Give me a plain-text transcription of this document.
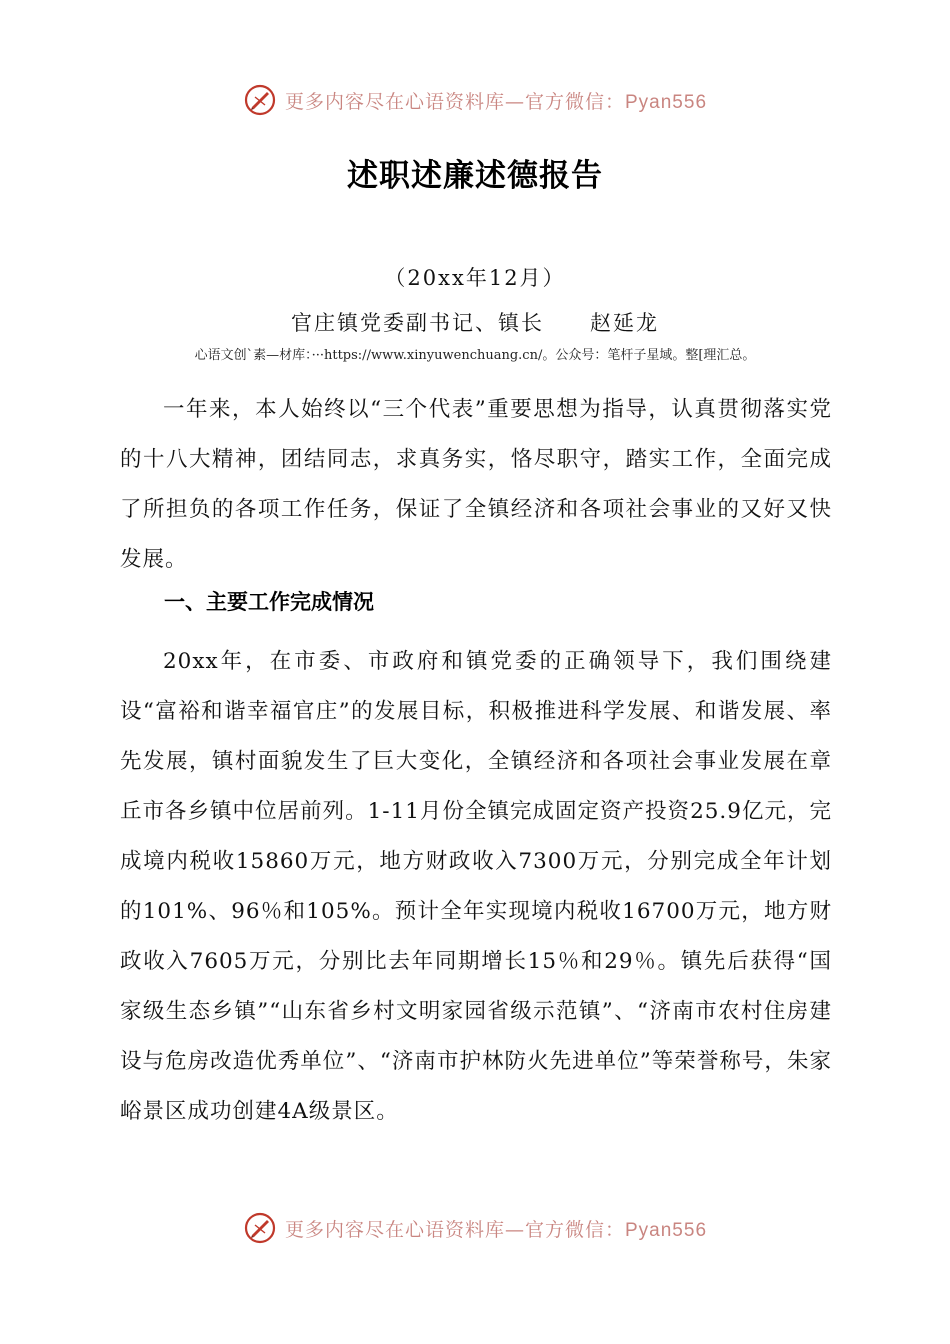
更多内容尽在心语资料库—官方微信：Pyan556
述职述廉述德报告
（20xx年12月）
官庄镇党委副书记、镇长　　赵延龙
心语文创`素—材库：···https://www.xinyuwenchuang.cn/。公众号：笔杆子星域。整[理汇总。
一年来，本人始终以“三个代表”重要思想为指导，认真贯彻落实党的十八大精神，团结同志，求真务实，恪尽职守，踏实工作，全面完成了所担负的各项工作任务，保证了全镇经济和各项社会事业的又好又快发展。
一、主要工作完成情况
20xx年，在市委、市政府和镇党委的正确领导下，我们围绕建设“富裕和谐幸福官庄”的发展目标，积极推进科学发展、和谐发展、率先发展，镇村面貌发生了巨大变化，全镇经济和各项社会事业发展在章丘市各乡镇中位居前列。1-11月份全镇完成固定资产投资25.9亿元，完成境内税收15860万元，地方财政收入7300万元，分别完成全年计划的101%、96％和105%。预计全年实现境内税收16700万元，地方财政收入7605万元，分别比去年同期增长15％和29％。镇先后获得“国家级生态乡镇”“山东省乡村文明家园省级示范镇”、“济南市农村住房建设与危房改造优秀单位”、“济南市护林防火先进单位”等荣誉称号，朱家峪景区成功创建4A级景区。
更多内容尽在心语资料库—官方微信：Pyan556
